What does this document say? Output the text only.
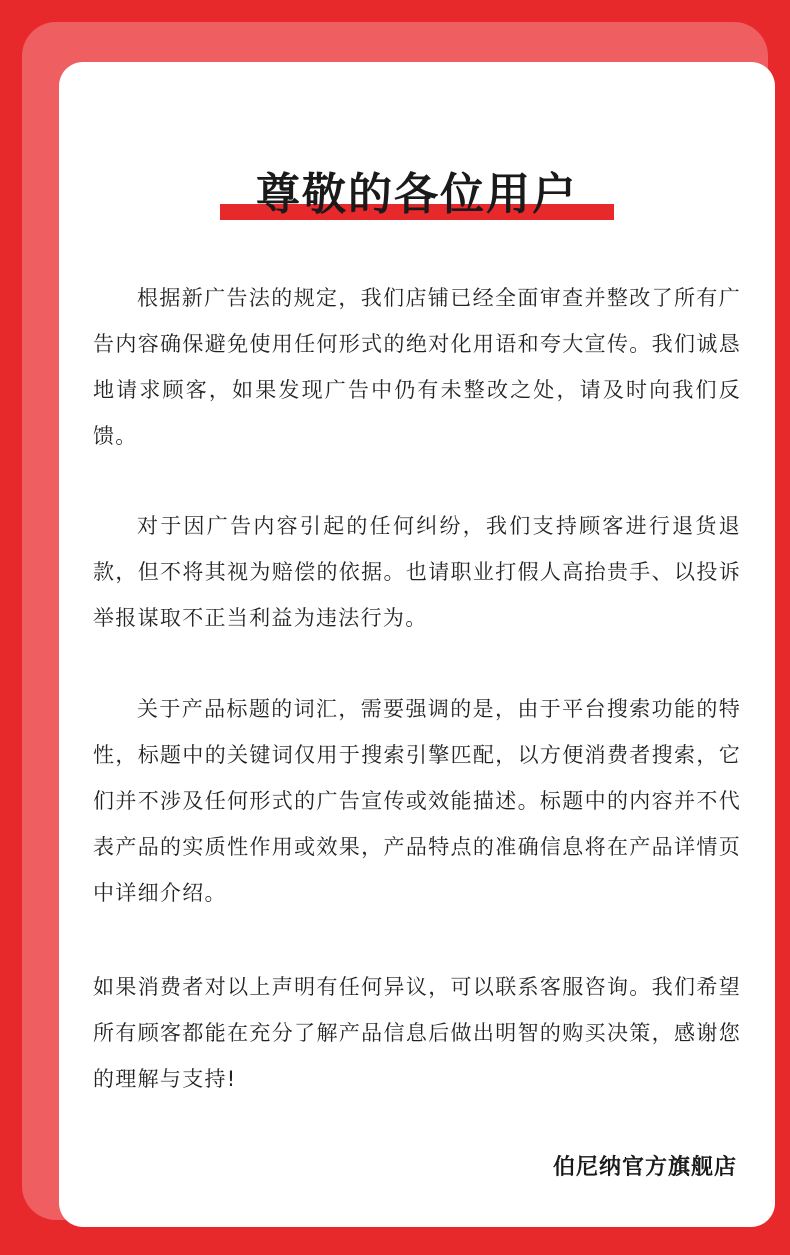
尊敬的各位用户

根据新广告法的规定，我们店铺已经全面审查并整改了所有广告内容确保避免使用任何形式的绝对化用语和夸大宣传。我们诚恳地请求顾客，如果发现广告中仍有未整改之处，请及时向我们反馈。

对于因广告内容引起的任何纠纷，我们支持顾客进行退货退款，但不将其视为赔偿的依据。也请职业打假人高抬贵手、以投诉举报谋取不正当利益为违法行为。

关于产品标题的词汇，需要强调的是，由于平台搜索功能的特性，标题中的关键词仅用于搜索引擎匹配，以方便消费者搜索，它们并不涉及任何形式的广告宣传或效能描述。标题中的内容并不代表产品的实质性作用或效果，产品特点的准确信息将在产品详情页中详细介绍。

如果消费者对以上声明有任何异议，可以联系客服咨询。我们希望所有顾客都能在充分了解产品信息后做出明智的购买决策，感谢您的理解与支持!

伯尼纳官方旗舰店
